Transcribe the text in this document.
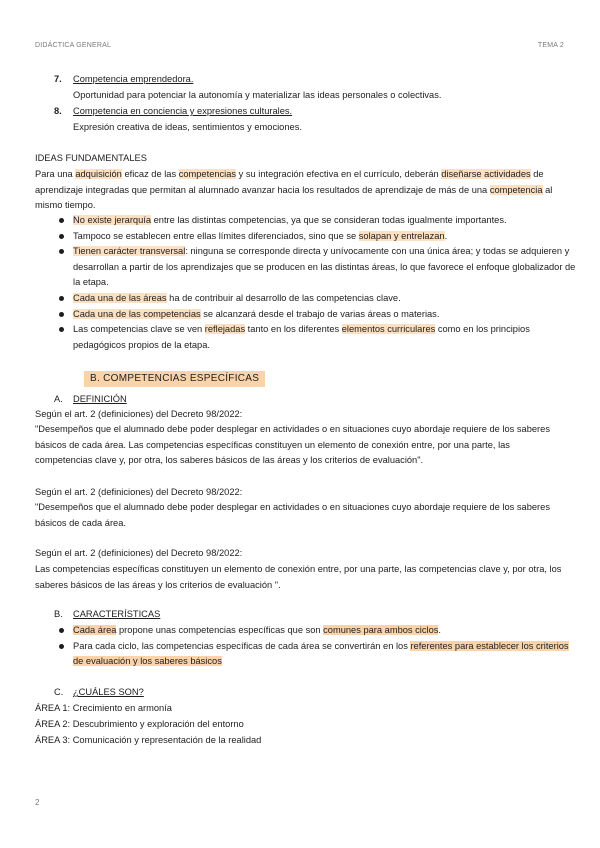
DIDÁCTICA GENERAL	TEMA 2
7. Competencia emprendedora.
Oportunidad para potenciar la autonomía y materializar las ideas personales o colectivas.
8. Competencia en conciencia y expresiones culturales.
Expresión creativa de ideas, sentimientos y emociones.
IDEAS FUNDAMENTALES
Para una adquisición eficaz de las competencias y su integración efectiva en el currículo, deberán diseñarse actividades de aprendizaje integradas que permitan al alumnado avanzar hacia los resultados de aprendizaje de más de una competencia al mismo tiempo.
No existe jerarquía entre las distintas competencias, ya que se consideran todas igualmente importantes.
Tampoco se establecen entre ellas límites diferenciados, sino que se solapan y entrelazan.
Tienen carácter transversal: ninguna se corresponde directa y unívocamente con una única área; y todas se adquieren y desarrollan a partir de los aprendizajes que se producen en las distintas áreas, lo que favorece el enfoque globalizador de la etapa.
Cada una de las áreas ha de contribuir al desarrollo de las competencias clave.
Cada una de las competencias se alcanzará desde el trabajo de varias áreas o materias.
Las competencias clave se ven reflejadas tanto en los diferentes elementos curriculares como en los principios pedagógicos propios de la etapa.
B. COMPETENCIAS ESPECÍFICAS
A. DEFINICIÓN
Según el art. 2 (definiciones) del Decreto 98/2022:
"Desempeños que el alumnado debe poder desplegar en actividades o en situaciones cuyo abordaje requiere de los saberes básicos de cada área. Las competencias específicas constituyen un elemento de conexión entre, por una parte, las competencias clave y, por otra, los saberes básicos de las áreas y los criterios de evaluación".
Según el art. 2 (definiciones) del Decreto 98/2022:
"Desempeños que el alumnado debe poder desplegar en actividades o en situaciones cuyo abordaje requiere de los saberes básicos de cada área.
Según el art. 2 (definiciones) del Decreto 98/2022:
Las competencias específicas constituyen un elemento de conexión entre, por una parte, las competencias clave y, por otra, los saberes básicos de las áreas y los criterios de evaluación ".
B. CARACTERÍSTICAS
Cada área propone unas competencias específicas que son comunes para ambos ciclos.
Para cada ciclo, las competencias específicas de cada área se convertirán en los referentes para establecer los criterios de evaluación y los saberes básicos
C. ¿CUÁLES SON?
ÁREA 1: Crecimiento en armonía
ÁREA 2: Descubrimiento y exploración del entorno
ÁREA 3: Comunicación y representación de la realidad
2
